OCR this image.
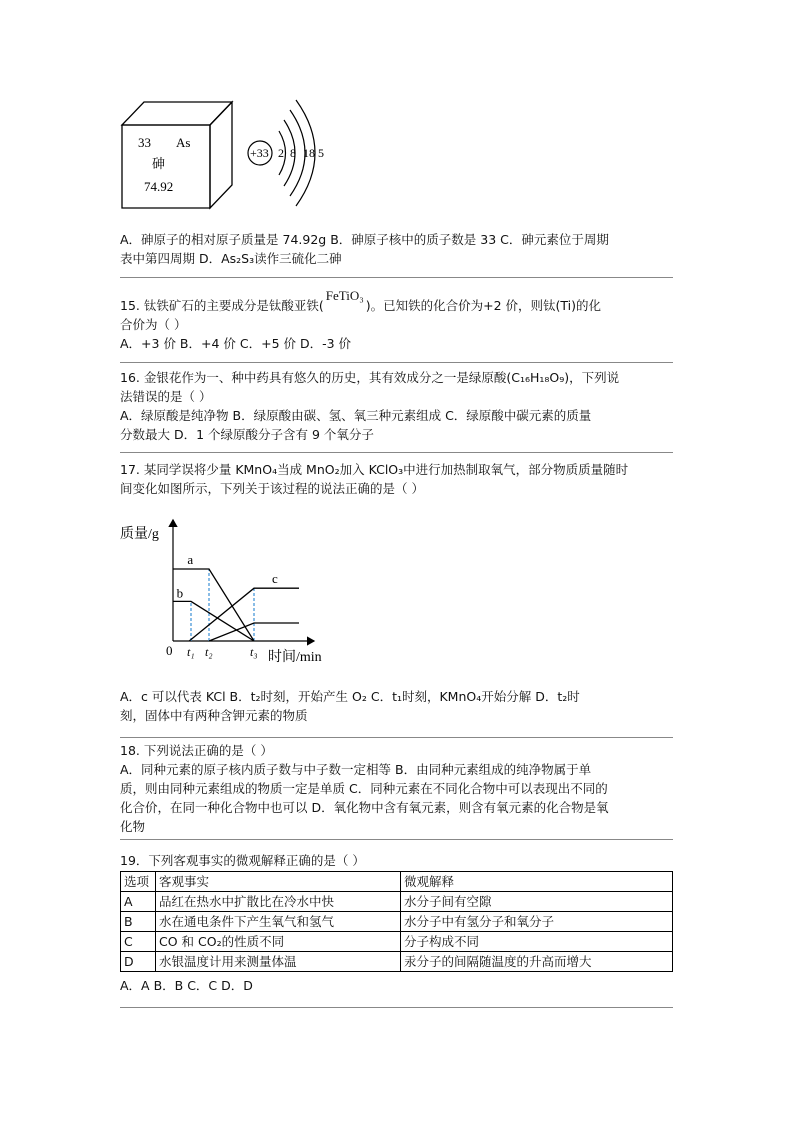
33 As
砷
74.92
+33 2 8 18 5
A．砷原子的相对原子质量是 74.92g B．砷原子核中的质子数是 33 C．砷元素位于周期
表中第四周期 D．As₂S₃读作三硫化二砷
15. 钛铁矿石的主要成分是钛酸亚铁(FeTiO₃)。已知铁的化合价为+2 价，则钛(Ti)的化
合价为（ ）
A．+3 价 B．+4 价 C．+5 价 D．-3 价
16. 金银花作为一、种中药具有悠久的历史，其有效成分之一是绿原酸(C₁₆H₁₈O₉)，下列说
法错误的是（ ）
A．绿原酸是纯净物 B．绿原酸由碳、氢、氧三种元素组成 C．绿原酸中碳元素的质量
分数最大 D．1 个绿原酸分子含有 9 个氧分子
17. 某同学误将少量 KMnO₄当成 MnO₂加入 KClO₃中进行加热制取氧气，部分物质质量随时
间变化如图所示，下列关于该过程的说法正确的是（ ）
质量/g
时间/min
0
a
b
c
t₁ t₂	t₃
A．c 可以代表 KCl B．t₂时刻，开始产生 O₂ C．t₁时刻，KMnO₄开始分解 D．t₂时
刻，固体中有两种含钾元素的物质
18. 下列说法正确的是（ ）
A．同种元素的原子核内质子数与中子数一定相等 B．由同种元素组成的纯净物属于单
质，则由同种元素组成的物质一定是单质 C．同种元素在不同化合物中可以表现出不同的
化合价，在同一种化合物中也可以 D．氧化物中含有氧元素，则含有氧元素的化合物是氧
化物
19．下列客观事实的微观解释正确的是（ ）
选项	客观事实	微观解释
A	品红在热水中扩散比在冷水中快	水分子间有空隙
B	水在通电条件下产生氧气和氢气	水分子中有氢分子和氧分子
C	CO 和 CO₂的性质不同	分子构成不同
D	水银温度计用来测量体温	汞分子的间隔随温度的升高而增大
A．A B．B C．C D．D
